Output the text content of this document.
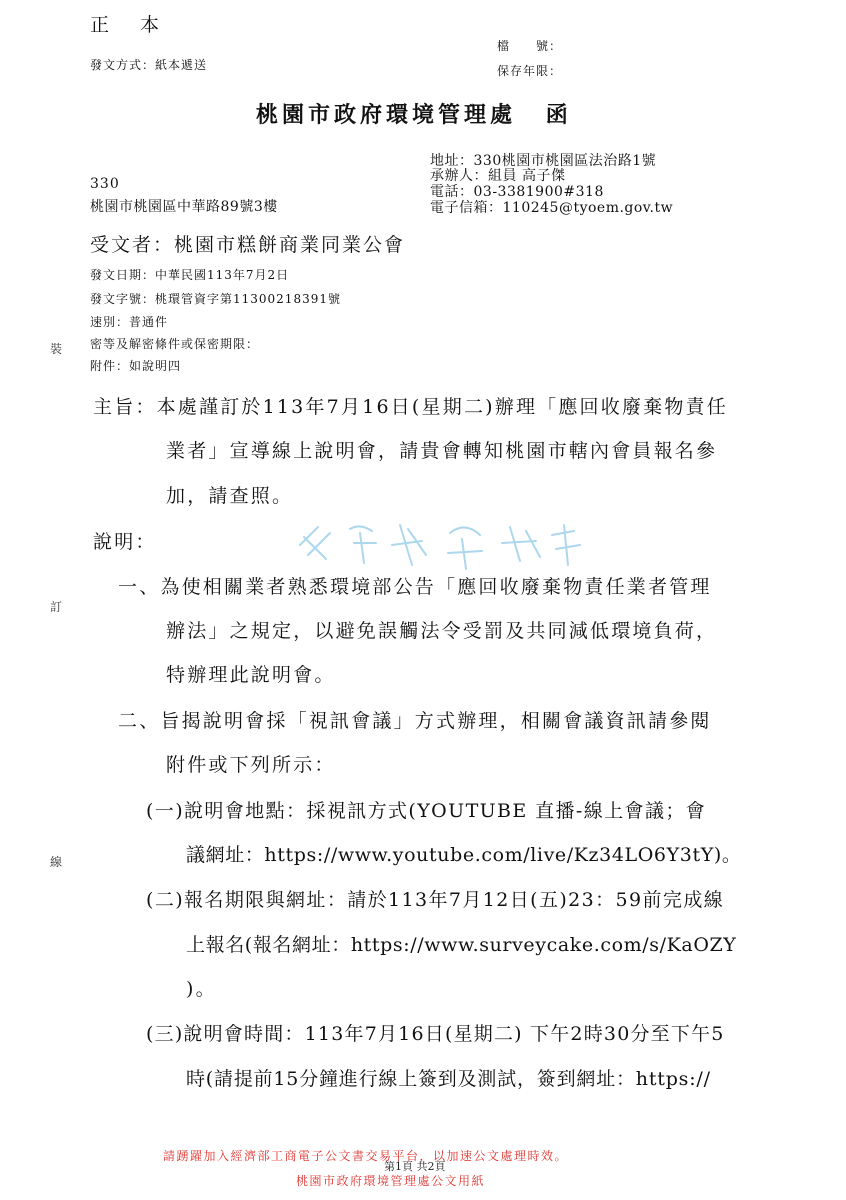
正　本
發文方式：紙本遞送
檔　　號：
保存年限：
桃園市政府環境管理處 函
地址：330桃園市桃園區法治路1號
承辦人：組員 高子傑
電話：03-3381900#318
電子信箱：110245@tyoem.gov.tw
330
桃園市桃園區中華路89號3樓
受文者：桃園市糕餅商業同業公會
發文日期：中華民國113年7月2日
發文字號：桃環管資字第11300218391號
速別：普通件
密等及解密條件或保密期限：
附件：如說明四
裝
訂
線
主旨：本處謹訂於113年7月16日(星期二)辦理「應回收廢棄物責任
業者」宣導線上說明會，請貴會轉知桃園市轄內會員報名參
加，請查照。
說明：
一、為使相關業者熟悉環境部公告「應回收廢棄物責任業者管理
辦法」之規定，以避免誤觸法令受罰及共同減低環境負荷，
特辦理此說明會。
二、旨揭說明會採「視訊會議」方式辦理，相關會議資訊請參閱
附件或下列所示：
(一)說明會地點：採視訊方式(YOUTUBE 直播-線上會議；會
議網址：https://www.youtube.com/live/Kz34LO6Y3tY)。
(二)報名期限與網址：請於113年7月12日(五)23：59前完成線
上報名(報名網址：https://www.surveycake.com/s/KaOZY
)。
(三)說明會時間：113年7月16日(星期二) 下午2時30分至下午5
時(請提前15分鐘進行線上簽到及測試，簽到網址：https://
請踴躍加入經濟部工商電子公文書交易平台，以加速公文處理時效。
第1頁 共2頁
桃園市政府環境管理處公文用紙
